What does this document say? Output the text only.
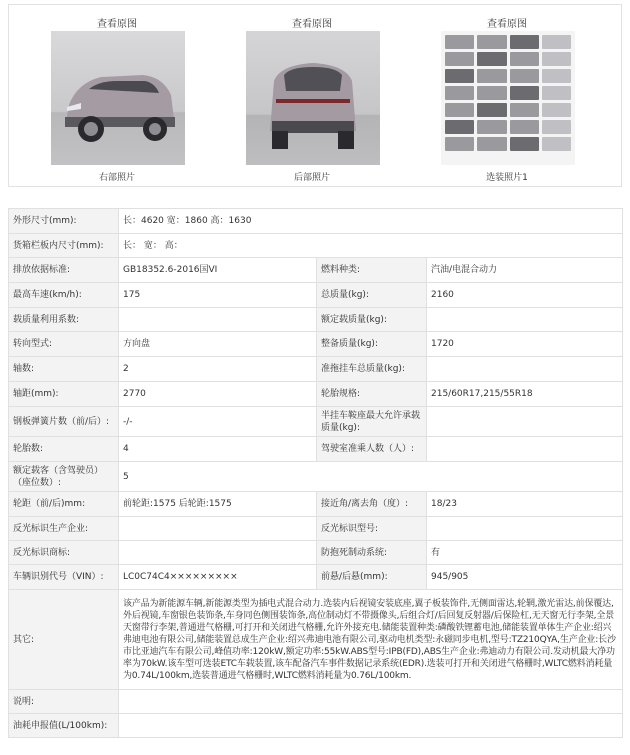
查看原图
右部照片
查看原图
后部照片
查看原图
选装照片1
外形尺寸(mm):	长：4620 宽：1860 高：1630		
货箱栏板内尺寸(mm):	长： 宽： 高：		
排放依据标准:	GB18352.6-2016国VI	燃料种类:	汽油/电混合动力
最高车速(km/h):	175	总质量(kg):	2160
载质量利用系数:		额定载质量(kg):	
转向型式:	方向盘	整备质量(kg):	1720
轴数:	2	准拖挂车总质量(kg):	
轴距(mm):	2770	轮胎规格:	215/60R17,215/55R18
钢板弹簧片数（前/后）:	-/-	半挂车鞍座最大允许承载质量(kg):	
轮胎数:	4	驾驶室准乘人数（人）:	
额定载客（含驾驶员）（座位数）:	5		
轮距（前/后)mm:	前轮距:1575 后轮距:1575	接近角/离去角（度）:	18/23
反光标识生产企业:		反光标识型号:	
反光标识商标:		防抱死制动系统:	有
车辆识别代号（VIN）:	LC0C74C4×××××××××	前悬/后悬(mm):	945/905
其它:	该产品为新能源车辆,新能源类型为插电式混合动力.选装内后视镜安装底座,翼子板装饰件,无侧面雷达,轮辋,激光雷达,前保覆达,外后视镜,车窗银色装饰条,车身同色侧围装饰条,高位制动灯不带摄像头,后组合灯/后回复反射器/后保险杠,无天窗无行李架,全景天窗带行李架,普通进气格栅,可打开和关闭进气格栅,允许外接充电.储能装置种类:磷酸铁锂蓄电池,储能装置单体生产企业:绍兴弗迪电池有限公司,储能装置总成生产企业:绍兴弗迪电池有限公司,驱动电机类型:永磁同步电机,型号:TZ210QYA,生产企业:长沙市比亚迪汽车有限公司,峰值功率:120kW,额定功率:55kW.ABS型号:IPB(FD),ABS生产企业:弗迪动力有限公司.发动机最大净功率为70kW.该车型可选装ETC车载装置,该车配备汽车事件数据记录系统(EDR).选装可打开和关闭进气格栅时,WLTC燃料消耗量为0.74L/100km,选装普通进气格栅时,WLTC燃料消耗量为0.76L/100km.		
说明:			
油耗申报值(L/100km):			
